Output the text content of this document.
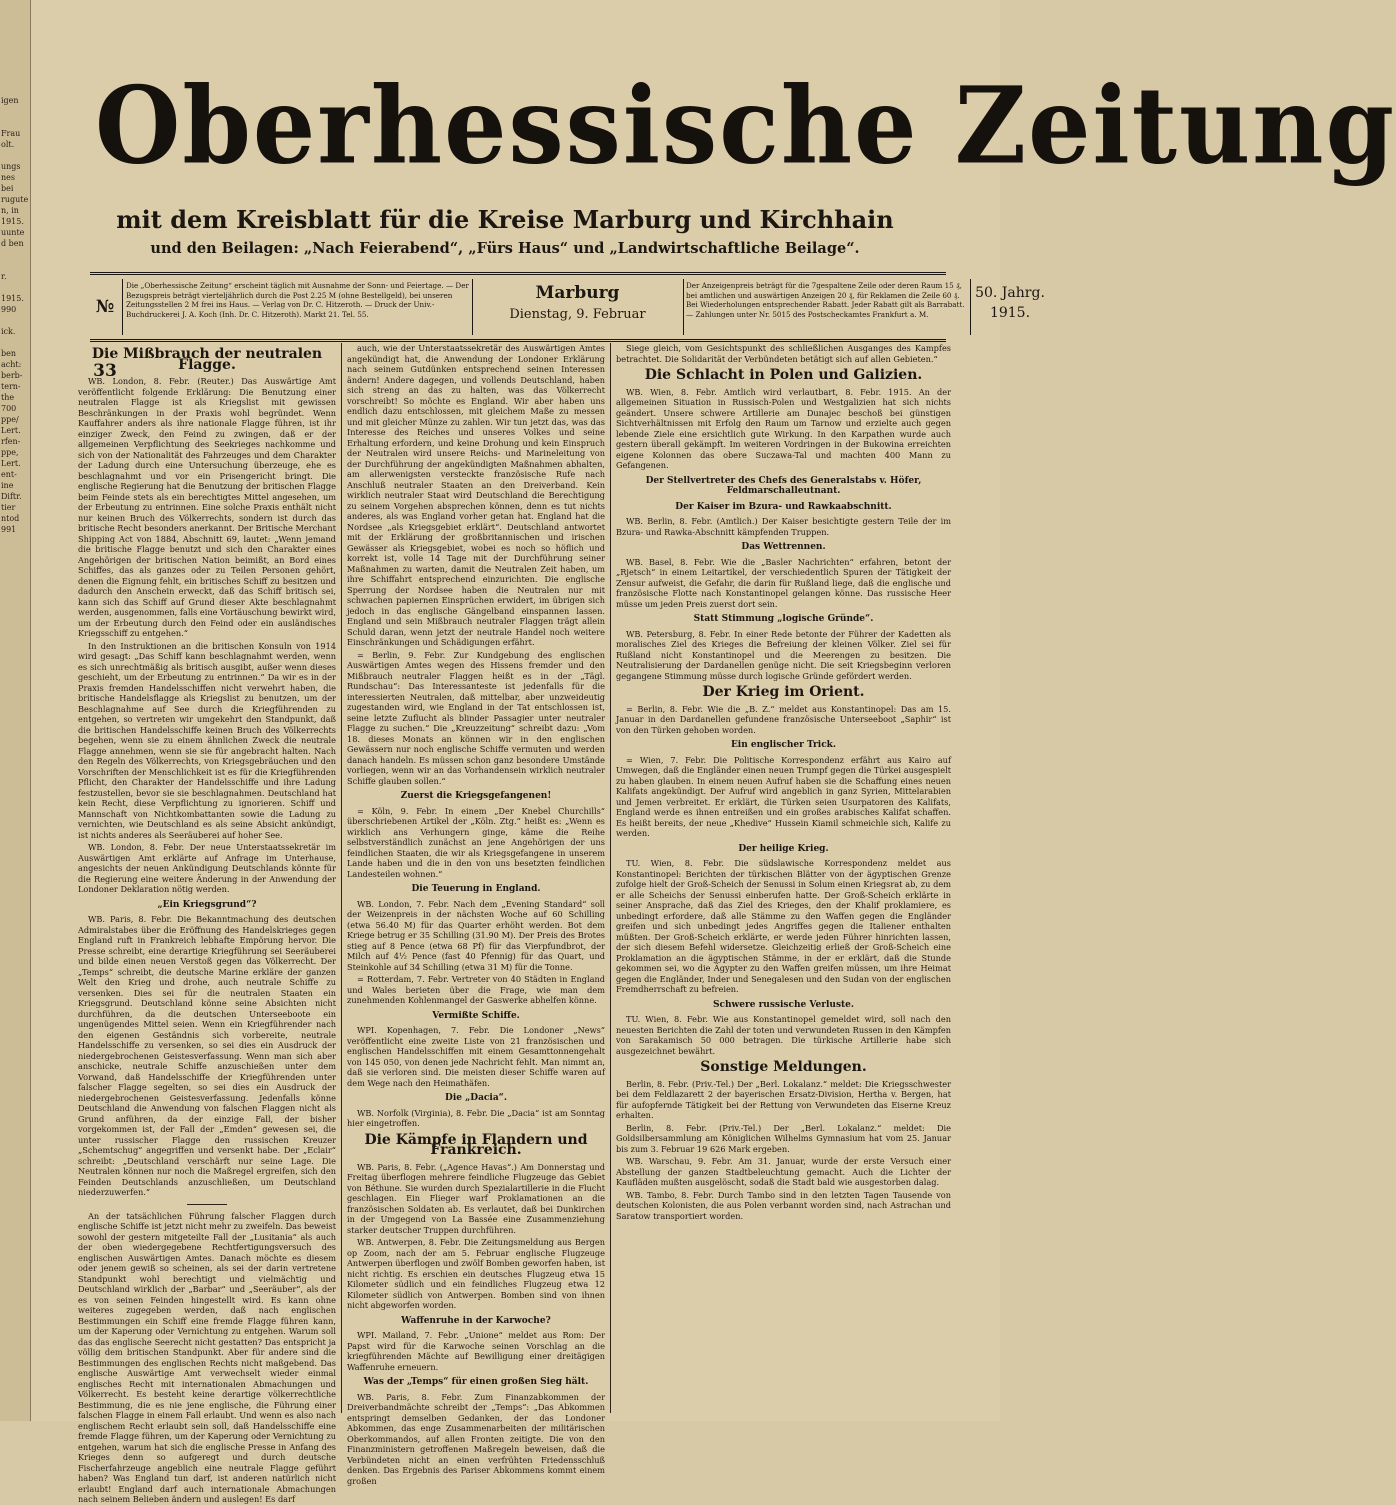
igen

Frau
olt.

ungs
nes
bei
rugute
n, in
1915.
uunte
d ben

r.

1915.
990

ick.

ben
acht:
berb-
tern-
the
700
ppe/
Lert.
rfen-
ppe,
Lert.
ent-
ine
Diftr.
tier
ntod
991
Oberhessische Zeitung
mit dem Kreisblatt für die Kreise Marburg und Kirchhain
und den Beilagen: „Nach Feierabend“, „Fürs Haus“ und „Landwirtschaftliche Beilage“.
№ 33
Die „Oberhessische Zeitung“ erscheint täglich mit Ausnahme der Sonn- und Feiertage. — Der Bezugspreis beträgt vierteljährlich durch die Post 2.25 M (ohne Bestellgeld), bei unseren Zeitungsstellen 2 M frei ins Haus. — Verlag von Dr. C. Hitzeroth. — Druck der Univ.-Buchdruckerei J. A. Koch (Inh. Dr. C. Hitzeroth). Markt 21. Tel. 55.
Marburg
Dienstag, 9. Februar
Der Anzeigenpreis beträgt für die 7gespaltene Zeile oder deren Raum 15 ₰, bei amtlichen und auswärtigen Anzeigen 20 ₰, für Reklamen die Zeile 60 ₰. Bei Wiederholungen entsprechender Rabatt. Jeder Rabatt gilt als Barrabatt. — Zahlungen unter Nr. 5015 des Postscheckamtes Frankfurt a. M.
50. Jahrg.
1915.
Die Mißbrauch der neutralen Flagge.

WB. London, 8. Febr. (Reuter.) Das Auswärtige Amt veröffentlicht folgende Erklärung: Die Benutzung einer neutralen Flagge ist als Kriegslist mit gewissen Beschränkungen in der Praxis wohl begründet. Wenn Kauffahrer anders als ihre nationale Flagge führen, ist ihr einziger Zweck, den Feind zu zwingen, daß er der allgemeinen Verpflichtung des Seekrieges nachkomme und sich von der Nationalität des Fahrzeuges und dem Charakter der Ladung durch eine Untersuchung überzeuge, ehe es beschlagnahmt und vor ein Prisengericht bringt. Die englische Regierung hat die Benutzung der britischen Flagge beim Feinde stets als ein berechtigtes Mittel angesehen, um der Erbeutung zu entrinnen. Eine solche Praxis enthält nicht nur keinen Bruch des Völkerrechts, sondern ist durch das britische Recht besonders anerkannt. Der Britische Merchant Shipping Act von 1884, Abschnitt 69, lautet: „Wenn jemand die britische Flagge benutzt und sich den Charakter eines Angehörigen der britischen Nation beimißt, an Bord eines Schiffes, das als ganzes oder zu Teilen Personen gehört, denen die Eignung fehlt, ein britisches Schiff zu besitzen und dadurch den Anschein erweckt, daß das Schiff britisch sei, kann sich das Schiff auf Grund dieser Akte beschlagnahmt werden, ausgenommen, falls eine Vortäuschung bewirkt wird, um der Erbeutung durch den Feind oder ein ausländisches Kriegsschiff zu entgehen.“

In den Instruktionen an die britischen Konsuln von 1914 wird gesagt: „Das Schiff kann beschlagnahmt werden, wenn es sich unrechtmäßig als britisch ausgibt, außer wenn dieses geschieht, um der Erbeutung zu entrinnen.“ Da wir es in der Praxis fremden Handelsschiffen nicht verwehrt haben, die britische Handelsflagge als Kriegslist zu benutzen, um der Beschlagnahme auf See durch die Kriegführenden zu entgehen, so vertreten wir umgekehrt den Standpunkt, daß die britischen Handelsschiffe keinen Bruch des Völkerrechts begehen, wenn sie zu einem ähnlichen Zweck die neutrale Flagge annehmen, wenn sie sie für angebracht halten. Nach den Regeln des Völkerrechts, von Kriegsgebräuchen und den Vorschriften der Menschlichkeit ist es für die Kriegführenden Pflicht, den Charakter der Handelsschiffe und ihre Ladung festzustellen, bevor sie sie beschlagnahmen. Deutschland hat kein Recht, diese Verpflichtung zu ignorieren. Schiff und Mannschaft von Nichtkombattanten sowie die Ladung zu vernichten, wie Deutschland es als seine Absicht ankündigt, ist nichts anderes als Seeräuberei auf hoher See.

WB. London, 8. Febr. Der neue Unterstaatssekretär im Auswärtigen Amt erklärte auf Anfrage im Unterhause, angesichts der neuen Ankündigung Deutschlands könnte für die Regierung eine weitere Änderung in der Anwendung der Londoner Deklaration nötig werden.

„Ein Kriegsgrund“?

WB. Paris, 8. Febr. Die Bekanntmachung des deutschen Admiralstabes über die Eröffnung des Handelskrieges gegen England ruft in Frankreich lebhafte Empörung hervor. Die Presse schreibt, eine derartige Kriegführung sei Seeräuberei und bilde einen neuen Verstoß gegen das Völkerrecht. Der „Temps“ schreibt, die deutsche Marine erkläre der ganzen Welt den Krieg und drohe, auch neutrale Schiffe zu versenken. Dies sei für die neutralen Staaten ein Kriegsgrund. Deutschland könne seine Absichten nicht durchführen, da die deutschen Unterseeboote ein ungenügendes Mittel seien. Wenn ein Kriegführender nach den eigenen Geständnis sich vorbereite, neutrale Handelsschiffe zu versenken, so sei dies ein Ausdruck der niedergebrochenen Geistesverfassung. Wenn man sich aber anschicke, neutrale Schiffe anzuschießen unter dem Vorwand, daß Handelsschiffe der Kriegführenden unter falscher Flagge segelten, so sei dies ein Ausdruck der niedergebrochenen Geistesverfassung. Jedenfalls könne Deutschland die Anwendung von falschen Flaggen nicht als Grund anführen, da der einzige Fall, der bisher vorgekommen ist, der Fall der „Emden“ gewesen sei, die unter russischer Flagge den russischen Kreuzer „Schemtschug“ angegriffen und versenkt habe. Der „Eclair“ schreibt: „Deutschland verschärft nur seine Lage. Die Neutralen können nur noch die Maßregel ergreifen, sich den Feinden Deutschlands anzuschließen, um Deutschland niederzuwerfen.“

An der tatsächlichen Führung falscher Flaggen durch englische Schiffe ist jetzt nicht mehr zu zweifeln. Das beweist sowohl der gestern mitgeteilte Fall der „Lusitania“ als auch der oben wiedergegebene Rechtfertigungsversuch des englischen Auswärtigen Amtes. Danach möchte es diesem oder jenem gewiß so scheinen, als sei der darin vertretene Standpunkt wohl berechtigt und vielmächtig und Deutschland wirklich der „Barbar“ und „Seeräuber“, als der es von seinen Feinden hingestellt wird. Es kann ohne weiteres zugegeben werden, daß nach englischen Bestimmungen ein Schiff eine fremde Flagge führen kann, um der Kaperung oder Vernichtung zu entgehen. Warum soll das das englische Seerecht nicht gestatten? Das entspricht ja völlig dem britischen Standpunkt. Aber für andere sind die Bestimmungen des englischen Rechts nicht maßgebend. Das englische Auswärtige Amt verwechselt wieder einmal englisches Recht mit internationalen Abmachungen und Völkerrecht. Es besteht keine derartige völkerrechtliche Bestimmung, die es nie jene englische, die Führung einer falschen Flagge in einem Fall erlaubt. Und wenn es also nach englischem Recht erlaubt sein soll, daß Handelsschiffe eine fremde Flagge führen, um der Kaperung oder Vernichtung zu entgehen, warum hat sich die englische Presse in Anfang des Krieges denn so aufgeregt und durch deutsche Fischerfahrzeuge angeblich eine neutrale Flagge geführt haben? Was England tun darf, ist anderen natürlich nicht erlaubt! England darf auch internationale Abmachungen nach seinem Belieben ändern und auslegen! Es darf

auch, wie der Unterstaatssekretär des Auswärtigen Amtes angekündigt hat, die Anwendung der Londoner Erklärung nach seinem Gutdünken entsprechend seinen Interessen ändern! Andere dagegen, und vollends Deutschland, haben sich streng an das zu halten, was das Völkerrecht vorschreibt! So möchte es England. Wir aber haben uns endlich dazu entschlossen, mit gleichem Maße zu messen und mit gleicher Münze zu zahlen. Wir tun jetzt das, was das Interesse des Reiches und unseres Volkes und seine Erhaltung erfordern, und keine Drohung und kein Einspruch der Neutralen wird unsere Reichs- und Marineleitung von der Durchführung der angekündigten Maßnahmen abhalten, am allerwenigsten versteckte französische Rufe nach Anschluß neutraler Staaten an den Dreiverband. Kein wirklich neutraler Staat wird Deutschland die Berechtigung zu seinem Vorgehen absprechen können, denn es tut nichts anderes, als was England vorher getan hat. England hat die Nordsee „als Kriegsgebiet erklärt“. Deutschland antwortet mit der Erklärung der großbritannischen und irischen Gewässer als Kriegsgebiet, wobei es noch so höflich und korrekt ist, volle 14 Tage mit der Durchführung seiner Maßnahmen zu warten, damit die Neutralen Zeit haben, um ihre Schiffahrt entsprechend einzurichten. Die englische Sperrung der Nordsee haben die Neutralen nur mit schwachen papiernen Einsprüchen erwidert, im übrigen sich jedoch in das englische Gängelband einspannen lassen. England und sein Mißbrauch neutraler Flaggen trägt allein Schuld daran, wenn jetzt der neutrale Handel noch weitere Einschränkungen und Schädigungen erfährt.

= Berlin, 9. Febr. Zur Kundgebung des englischen Auswärtigen Amtes wegen des Hissens fremder und den Mißbrauch neutraler Flaggen heißt es in der „Tägl. Rundschau“: Das Interessanteste ist jedenfalls für die interessierten Neutralen, daß mittelbar, aber unzweideutig zugestanden wird, wie England in der Tat entschlossen ist, seine letzte Zuflucht als blinder Passagier unter neutraler Flagge zu suchen.“ Die „Kreuzzeitung“ schreibt dazu: „Vom 18. dieses Monats an können wir in den englischen Gewässern nur noch englische Schiffe vermuten und werden danach handeln. Es müssen schon ganz besondere Umstände vorliegen, wenn wir an das Vorhandensein wirklich neutraler Schiffe glauben sollen.“

Zuerst die Kriegsgefangenen!

= Köln, 9. Febr. In einem „Der Knebel Churchills“ überschriebenen Artikel der „Köln. Ztg.“ heißt es: „Wenn es wirklich ans Verhungern ginge, käme die Reihe selbstverständlich zunächst an jene Angehörigen der uns feindlichen Staaten, die wir als Kriegsgefangene in unserem Lande haben und die in den von uns besetzten feindlichen Landesteilen wohnen.“

Die Teuerung in England.

WB. London, 7. Febr. Nach dem „Evening Standard“ soll der Weizenpreis in der nächsten Woche auf 60 Schilling (etwa 56.40 M) für das Quarter erhöht werden. Bot dem Kriege betrug er 35 Schilling (31.90 M). Der Preis des Brotes stieg auf 8 Pence (etwa 68 Pf) für das Vierpfundbrot, der Milch auf 4½ Pence (fast 40 Pfennig) für das Quart, und Steinkohle auf 34 Schilling (etwa 31 M) für die Tonne.

= Rotterdam, 7. Febr. Vertreter von 40 Städten in England und Wales berieten über die Frage, wie man dem zunehmenden Kohlenmangel der Gaswerke abhelfen könne.

Vermißte Schiffe.

WPI. Kopenhagen, 7. Febr. Die Londoner „News“ veröffentlicht eine zweite Liste von 21 französischen und englischen Handelsschiffen mit einem Gesamttonnengehalt von 145 050, von denen jede Nachricht fehlt. Man nimmt an, daß sie verloren sind. Die meisten dieser Schiffe waren auf dem Wege nach den Heimathäfen.

Die „Dacia“.

WB. Norfolk (Virginia), 8. Febr. Die „Dacia“ ist am Sonntag hier eingetroffen.

Die Kämpfe in Flandern und Frankreich.

WB. Paris, 8. Febr. („Agence Havas“.) Am Donnerstag und Freitag überflogen mehrere feindliche Flugzeuge das Gebiet von Béthune. Sie wurden durch Spezialartillerie in die Flucht geschlagen. Ein Flieger warf Proklamationen an die französischen Soldaten ab. Es verlautet, daß bei Dunkirchen in der Umgegend von La Bassée eine Zusammenziehung starker deutscher Truppen durchführen.

WB. Antwerpen, 8. Febr. Die Zeitungsmeldung aus Bergen op Zoom, nach der am 5. Februar englische Flugzeuge Antwerpen überflogen und zwölf Bomben geworfen haben, ist nicht richtig. Es erschien ein deutsches Flugzeug etwa 15 Kilometer südlich und ein feindliches Flugzeug etwa 12 Kilometer südlich von Antwerpen. Bomben sind von ihnen nicht abgeworfen worden.

Waffenruhe in der Karwoche?

WPI. Mailand, 7. Febr. „Unione“ meldet aus Rom: Der Papst wird für die Karwoche seinen Vorschlag an die kriegführenden Mächte auf Bewilligung einer dreitägigen Waffenruhe erneuern.

Was der „Temps“ für einen großen Sieg hält.

WB. Paris, 8. Febr. Zum Finanzabkommen der Dreiverbandmächte schreibt der „Temps“: „Das Abkommen entspringt demselben Gedanken, der das Londoner Abkommen, das enge Zusammenarbeiten der militärischen Oberkommandos, auf allen Fronten zeitigte. Die von den Finanzministern getroffenen Maßregeln beweisen, daß die Verbündeten nicht an einen verfrühten Friedensschluß denken. Das Ergebnis des Pariser Abkommens kommt einem großen

Siege gleich, vom Gesichtspunkt des schließlichen Ausganges des Kampfes betrachtet. Die Solidarität der Verbündeten betätigt sich auf allen Gebieten.“

Die Schlacht in Polen und Galizien.

WB. Wien, 8. Febr. Amtlich wird verlautbart, 8. Febr. 1915. An der allgemeinen Situation in Russisch-Polen und Westgalizien hat sich nichts geändert. Unsere schwere Artillerie am Dunajec beschoß bei günstigen Sichtverhältnissen mit Erfolg den Raum um Tarnow und erzielte auch gegen lebende Ziele eine ersichtlich gute Wirkung. In den Karpathen wurde auch gestern überall gekämpft. Im weiteren Vordringen in der Bukowina erreichten eigene Kolonnen das obere Suczawa-Tal und machten 400 Mann zu Gefangenen.

Der Stellvertreter des Chefs des Generalstabs v. Höfer, Feldmarschalleutnant.
Der Kaiser im Bzura- und Rawkaabschnitt.

WB. Berlin, 8. Febr. (Amtlich.) Der Kaiser besichtigte gestern Teile der im Bzura- und Rawka-Abschnitt kämpfenden Truppen.

Das Wettrennen.

WB. Basel, 8. Febr. Wie die „Basler Nachrichten“ erfahren, betont der „Rjetsch“ in einem Leitartikel, der verschiedentlich Spuren der Tätigkeit der Zensur aufweist, die Gefahr, die darin für Rußland liege, daß die englische und französische Flotte nach Konstantinopel gelangen könne. Das russische Heer müsse um jeden Preis zuerst dort sein.

Statt Stimmung „logische Gründe“.

WB. Petersburg, 8. Febr. In einer Rede betonte der Führer der Kadetten als moralisches Ziel des Krieges die Befreiung der kleinen Völker. Ziel sei für Rußland nicht Konstantinopel und die Meerengen zu besitzen. Die Neutralisierung der Dardanellen genüge nicht. Die seit Kriegsbeginn verloren gegangene Stimmung müsse durch logische Gründe gefördert werden.

Der Krieg im Orient.

= Berlin, 8. Febr. Wie die „B. Z.“ meldet aus Konstantinopel: Das am 15. Januar in den Dardanellen gefundene französische Unterseeboot „Saphir“ ist von den Türken gehoben worden.

Ein englischer Trick.

= Wien, 7. Febr. Die Politische Korrespondenz erfährt aus Kairo auf Umwegen, daß die Engländer einen neuen Trumpf gegen die Türkei ausgespielt zu haben glauben. In einem neuen Aufruf haben sie die Schaffung eines neuen Kalifats angekündigt. Der Aufruf wird angeblich in ganz Syrien, Mittelarabien und Jemen verbreitet. Er erklärt, die Türken seien Usurpatoren des Kalifats, England werde es ihnen entreißen und ein großes arabisches Kalifat schaffen. Es heißt bereits, der neue „Khedive“ Hussein Kiamil schmeichle sich, Kalife zu werden.

Der heilige Krieg.

TU. Wien, 8. Febr. Die südslawische Korrespondenz meldet aus Konstantinopel: Berichten der türkischen Blätter von der ägyptischen Grenze zufolge hielt der Groß-Scheich der Senussi in Solum einen Kriegsrat ab, zu dem er alle Scheichs der Senussi einberufen hatte. Der Groß-Scheich erklärte in seiner Ansprache, daß das Ziel des Krieges, den der Khalif proklamiere, es unbedingt erfordere, daß alle Stämme zu den Waffen gegen die Engländer greifen und sich unbedingt jedes Angriffes gegen die Italiener enthalten müßten. Der Groß-Scheich erklärte, er werde jeden Führer hinrichten lassen, der sich diesem Befehl widersetze. Gleichzeitig erließ der Groß-Scheich eine Proklamation an die ägyptischen Stämme, in der er erklärt, daß die Stunde gekommen sei, wo die Ägypter zu den Waffen greifen müssen, um ihre Heimat gegen die Engländer, Inder und Senegalesen und den Sudan von der englischen Fremdherrschaft zu befreien.

Schwere russische Verluste.

TU. Wien, 8. Febr. Wie aus Konstantinopel gemeldet wird, soll nach den neuesten Berichten die Zahl der toten und verwundeten Russen in den Kämpfen von Sarakamisch 50 000 betragen. Die türkische Artillerie habe sich ausgezeichnet bewährt.

Sonstige Meldungen.

Berlin, 8. Febr. (Priv.-Tel.) Der „Berl. Lokalanz.“ meldet: Die Kriegsschwester bei dem Feldlazarett 2 der bayerischen Ersatz-Division, Hertha v. Bergen, hat für aufopfernde Tätigkeit bei der Rettung von Verwundeten das Eiserne Kreuz erhalten.

Berlin, 8. Febr. (Priv.-Tel.) Der „Berl. Lokalanz.“ meldet: Die Goldsilbersammlung am Königlichen Wilhelms Gymnasium hat vom 25. Januar bis zum 3. Februar 19 626 Mark ergeben.

WB. Warschau, 9. Febr. Am 31. Januar, wurde der erste Versuch einer Abstellung der ganzen Stadtbeleuchtung gemacht. Auch die Lichter der Kaufläden mußten ausgelöscht, sodaß die Stadt bald wie ausgestorben dalag.

WB. Tambo, 8. Febr. Durch Tambo sind in den letzten Tagen Tausende von deutschen Kolonisten, die aus Polen verbannt worden sind, nach Astrachan und Saratow transportiert worden.
